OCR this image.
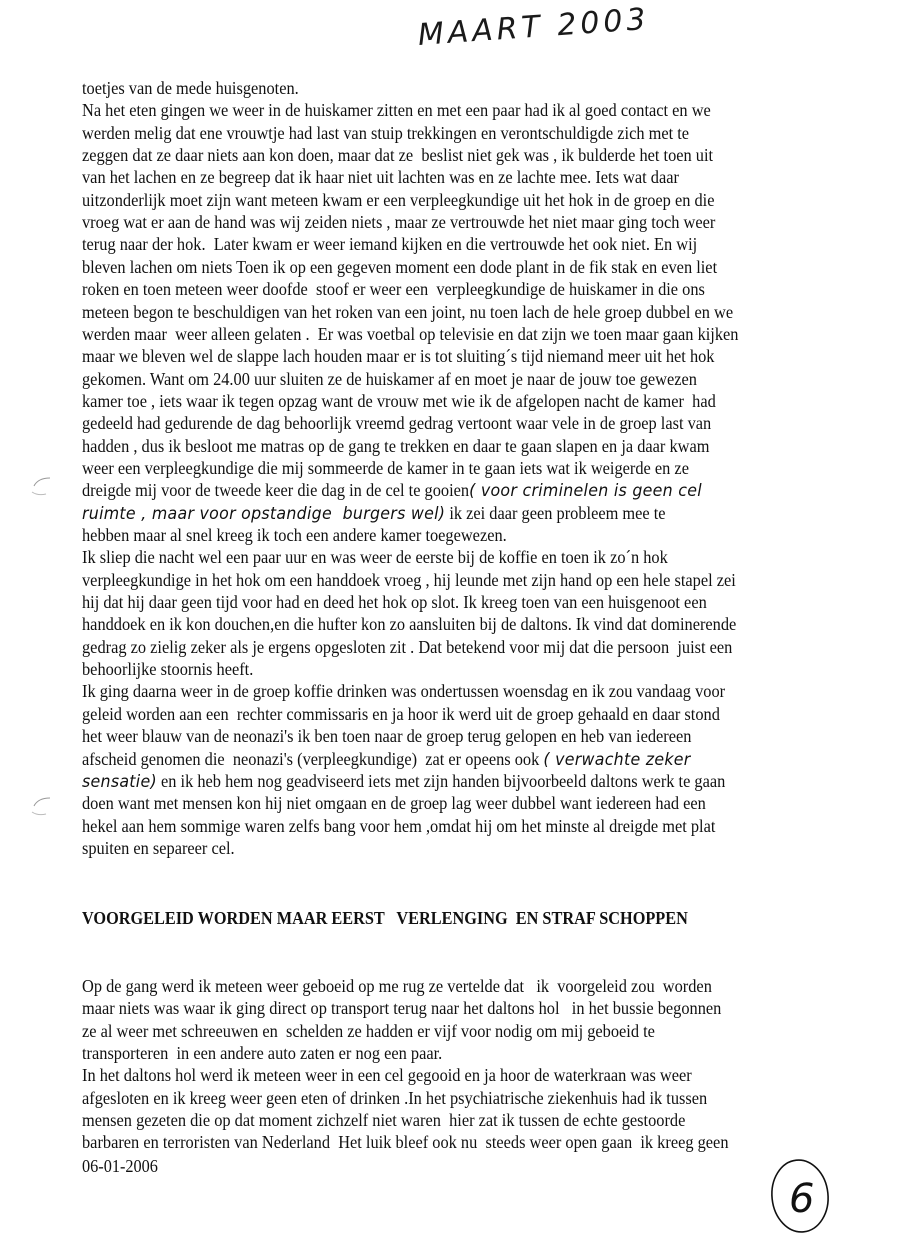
MAART 2003
toetjes van de mede huisgenoten.
Na het eten gingen we weer in de huiskamer zitten en met een paar had ik al goed contact en we
werden melig dat ene vrouwtje had last van stuip trekkingen en verontschuldigde zich met te
zeggen dat ze daar niets aan kon doen, maar dat ze  beslist niet gek was , ik bulderde het toen uit
van het lachen en ze begreep dat ik haar niet uit lachten was en ze lachte mee. Iets wat daar
uitzonderlijk moet zijn want meteen kwam er een verpleegkundige uit het hok in de groep en die
vroeg wat er aan de hand was wij zeiden niets , maar ze vertrouwde het niet maar ging toch weer
terug naar der hok.  Later kwam er weer iemand kijken en die vertrouwde het ook niet. En wij
bleven lachen om niets Toen ik op een gegeven moment een dode plant in de fik stak en even liet
roken en toen meteen weer doofde  stoof er weer een  verpleegkundige de huiskamer in die ons
meteen begon te beschuldigen van het roken van een joint, nu toen lach de hele groep dubbel en we
werden maar  weer alleen gelaten .  Er was voetbal op televisie en dat zijn we toen maar gaan kijken
maar we bleven wel de slappe lach houden maar er is tot sluiting´s tijd niemand meer uit het hok
gekomen. Want om 24.00 uur sluiten ze de huiskamer af en moet je naar de jouw toe gewezen
kamer toe , iets waar ik tegen opzag want de vrouw met wie ik de afgelopen nacht de kamer  had
gedeeld had gedurende de dag behoorlijk vreemd gedrag vertoont waar vele in de groep last van
hadden , dus ik besloot me matras op de gang te trekken en daar te gaan slapen en ja daar kwam
weer een verpleegkundige die mij sommeerde de kamer in te gaan iets wat ik weigerde en ze
dreigde mij voor de tweede keer die dag in de cel te gooien( voor criminelen is geen cel
ruimte , maar voor opstandige  burgers wel) ik zei daar geen probleem mee te
hebben maar al snel kreeg ik toch een andere kamer toegewezen.
Ik sliep die nacht wel een paar uur en was weer de eerste bij de koffie en toen ik zo´n hok
verpleegkundige in het hok om een handdoek vroeg , hij leunde met zijn hand op een hele stapel zei
hij dat hij daar geen tijd voor had en deed het hok op slot. Ik kreeg toen van een huisgenoot een
handdoek en ik kon douchen,en die hufter kon zo aansluiten bij de daltons. Ik vind dat dominerende
gedrag zo zielig zeker als je ergens opgesloten zit . Dat betekend voor mij dat die persoon  juist een
behoorlijke stoornis heeft.
Ik ging daarna weer in de groep koffie drinken was ondertussen woensdag en ik zou vandaag voor
geleid worden aan een  rechter commissaris en ja hoor ik werd uit de groep gehaald en daar stond
het weer blauw van de neonazi's ik ben toen naar de groep terug gelopen en heb van iedereen
afscheid genomen die  neonazi's (verpleegkundige)  zat er opeens ook ( verwachte zeker
sensatie) en ik heb hem nog geadviseerd iets met zijn handen bijvoorbeeld daltons werk te gaan
doen want met mensen kon hij niet omgaan en de groep lag weer dubbel want iedereen had een
hekel aan hem sommige waren zelfs bang voor hem ,omdat hij om het minste al dreigde met plat
spuiten en separeer cel.
VOORGELEID WORDEN MAAR EERST   VERLENGING  EN STRAF SCHOPPEN
Op de gang werd ik meteen weer geboeid op me rug ze vertelde dat   ik  voorgeleid zou  worden
maar niets was waar ik ging direct op transport terug naar het daltons hol   in het bussie begonnen
ze al weer met schreeuwen en  schelden ze hadden er vijf voor nodig om mij geboeid te
transporteren  in een andere auto zaten er nog een paar.
In het daltons hol werd ik meteen weer in een cel gegooid en ja hoor de waterkraan was weer
afgesloten en ik kreeg weer geen eten of drinken .In het psychiatrische ziekenhuis had ik tussen
mensen gezeten die op dat moment zichzelf niet waren  hier zat ik tussen de echte gestoorde
barbaren en terroristen van Nederland  Het luik bleef ook nu  steeds weer open gaan  ik kreeg geen
06-01-2006
6
